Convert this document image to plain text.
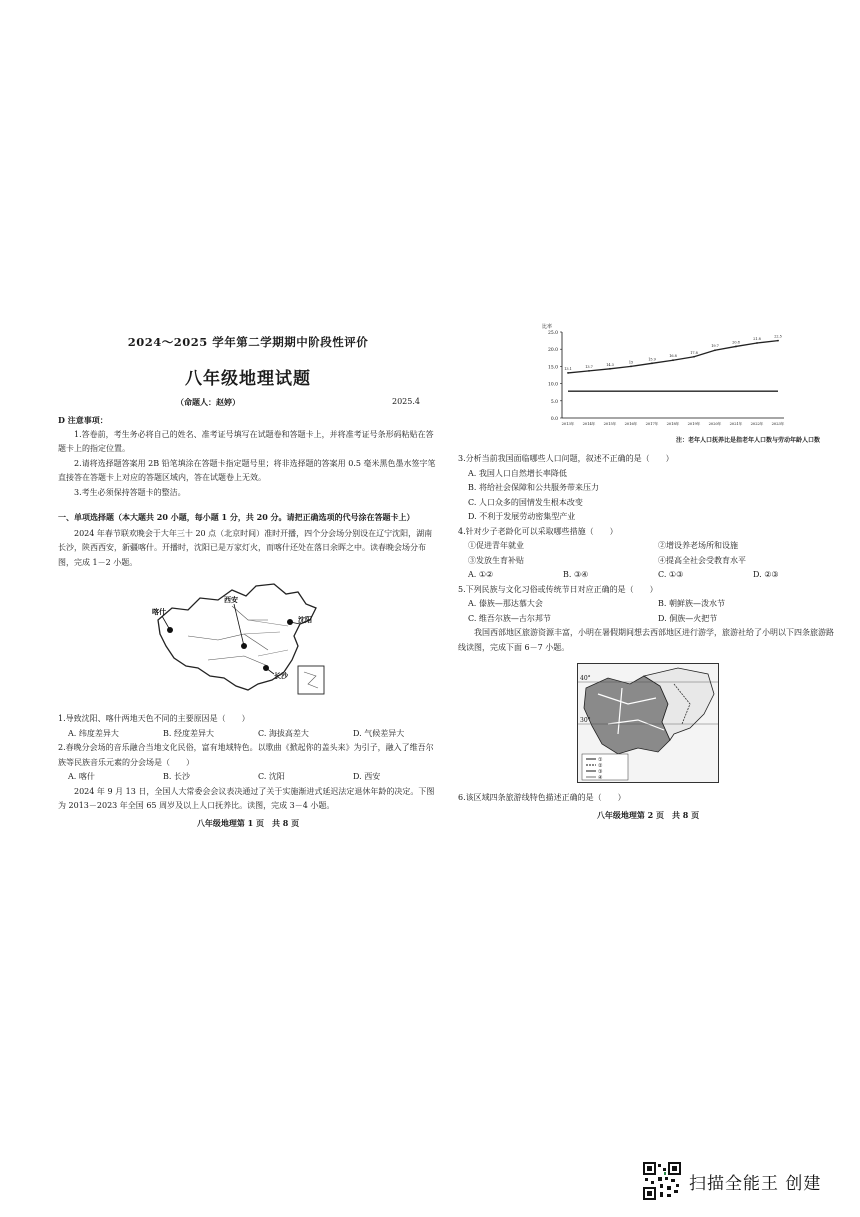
2024～2025 学年第二学期期中阶段性评价
八年级地理试题
（命题人：赵婷）	2025.4

D 注意事项：

1.答卷前，考生务必将自己的姓名、准考证号填写在试题卷和答题卡上，并将准考证号条形码粘贴在答题卡上的指定位置。

2.请将选择题答案用 2B 铅笔填涂在答题卡指定题号里；将非选择题的答案用 0.5 毫米黑色墨水签字笔直接答在答题卡上对应的答题区域内，答在试题卷上无效。

3.考生必须保持答题卡的整洁。

一、单项选择题（本大题共 20 小题，每小题 1 分，共 20 分。请把正确选项的代号涂在答题卡上）

2024 年春节联欢晚会于大年三十 20 点（北京时间）准时开播，四个分会场分别设在辽宁沈阳，湖南长沙，陕西西安，新疆喀什。开播时，沈阳已是万家灯火，而喀什还处在落日余晖之中。读春晚会场分布图，完成 1－2 小题。

喀什
西安
沈阳
长沙

1.导致沈阳、喀什两地天色不同的主要原因是（　　）

A. 纬度差异大	B. 经度差异大	C. 海拔高差大	D. 气候差异大

2.春晚分会场的音乐融合当地文化民俗，富有地域特色。以歌曲《掀起你的盖头来》为引子，融入了维吾尔族等民族音乐元素的分会场是（　　）

A. 喀什	B. 长沙	C. 沈阳	D. 西安

2024 年 9 月 13 日，全国人大常委会会议表决通过了关于实施渐进式延迟法定退休年龄的决定。下图为 2013－2023 年全国 65 周岁及以上人口抚养比。读图，完成 3－4 小题。

八年级地理第 1 页　共 8 页
比率
0.0
5.0
10.0
15.0
20.0
25.0
2013年 2014年 2015年 2016年 2017年 2018年 2019年 2020年 2021年 2022年 2023年
13.1
13.7
14.3
15
15.9
16.8
17.8
19.7
20.8
21.8
22.5
注：老年人口抚养比是指老年人口数与劳动年龄人口数

3.分析当前我国面临哪些人口问题，叙述不正确的是（　　）

A. 我国人口自然增长率降低

B. 将给社会保障和公共服务带来压力

C. 人口众多的国情发生根本改变

D. 不利于发展劳动密集型产业

4.针对少子老龄化可以采取哪些措施（　　）

①促进青年就业	②增设养老场所和设施
③发放生育补贴	④提高全社会受教育水平
A. ①②	B. ③④	C. ①③	D. ②③

5.下列民族与文化习俗或传统节日对应正确的是（　　）

A. 傣族—那达慕大会	B. 朝鲜族—泼水节
C. 维吾尔族—古尔邦节	D. 侗族—火把节

我国西部地区旅游资源丰富，小明在暑假期间想去西部地区进行游学，旅游社给了小明以下四条旅游路线读图，完成下面 6－7 小题。

40°
30°
①
②
③
④

6.该区域四条旅游线特色描述正确的是（　　）

八年级地理第 2 页　共 8 页
扫描全能王 创建
